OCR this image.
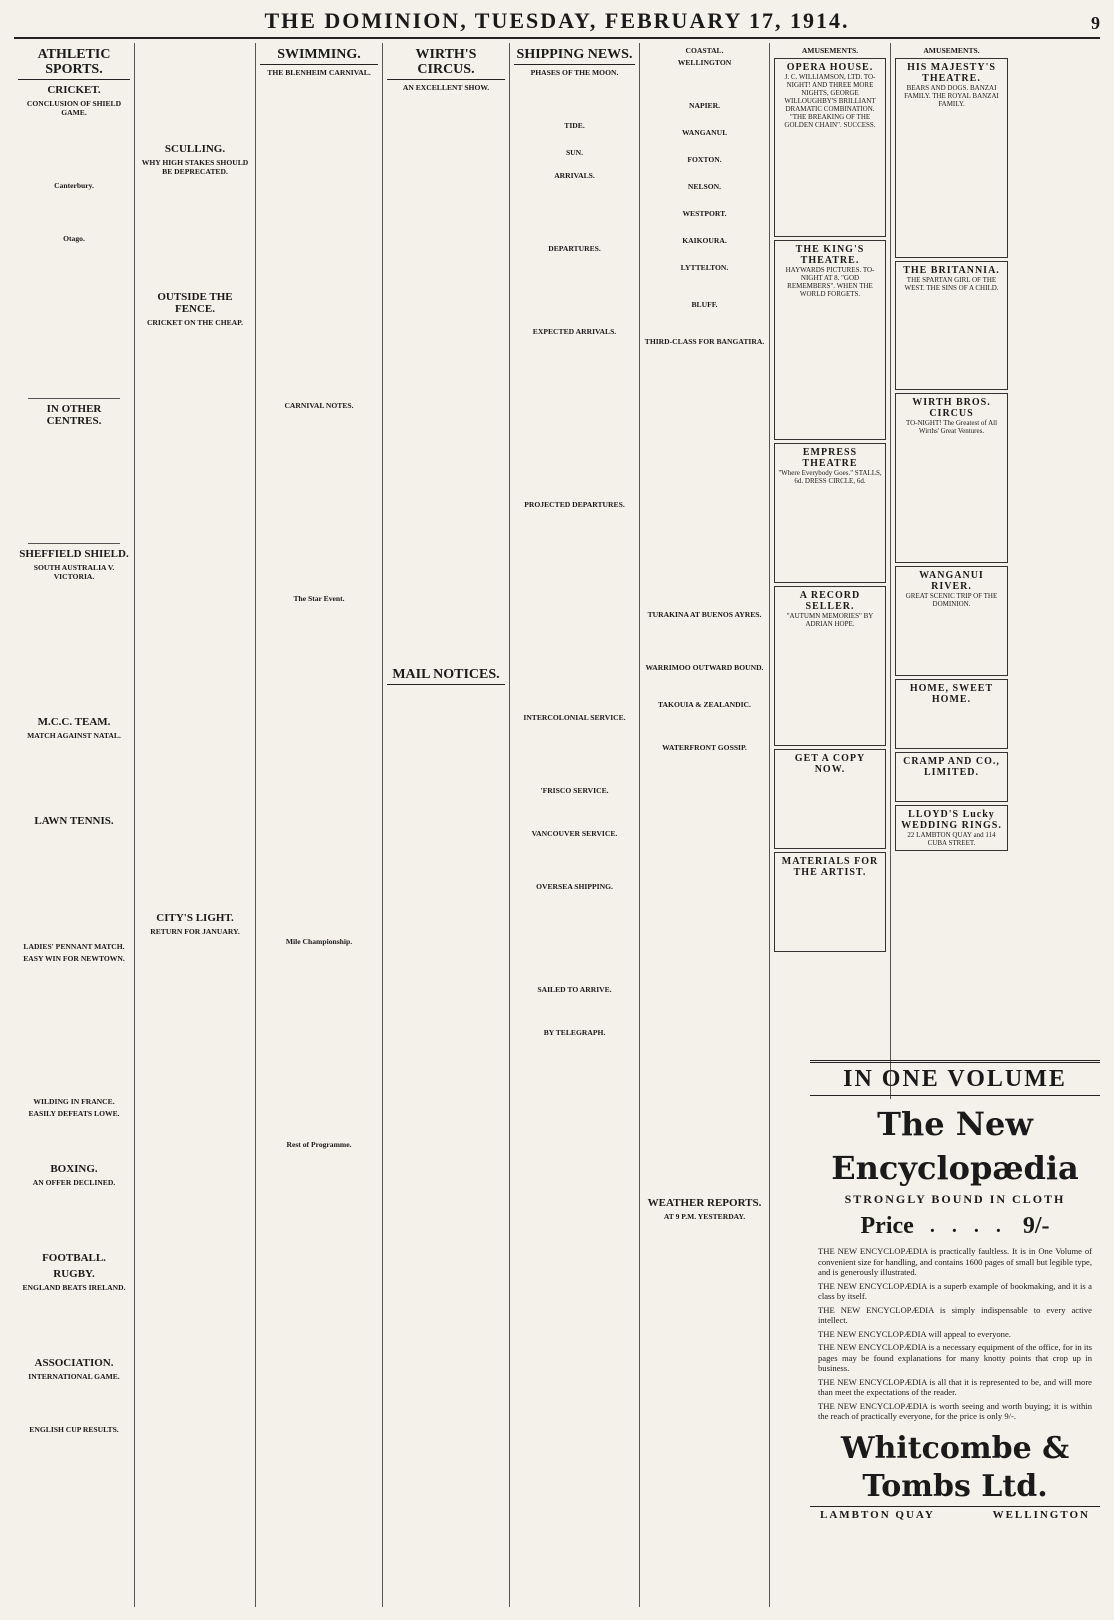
THE DOMINION, TUESDAY, FEBRUARY 17, 1914.	9
ATHLETIC SPORTS.
CRICKET.
CONCLUSION OF SHIELD GAME.
Canterbury.
Otago.
IN OTHER CENTRES.
SHEFFIELD SHIELD.
SOUTH AUSTRALIA V. VICTORIA.
M.C.C. TEAM.
MATCH AGAINST NATAL.
LAWN TENNIS.
LADIES' PENNANT MATCH.
EASY WIN FOR NEWTOWN.
WILDING IN FRANCE.
EASILY DEFEATS LOWE.
BOXING.
AN OFFER DECLINED.
FOOTBALL.
RUGBY.
ENGLAND BEATS IRELAND.
ASSOCIATION.
INTERNATIONAL GAME.
ENGLISH CUP RESULTS.
SCULLING.
WHY HIGH STAKES SHOULD BE DEPRECATED.
OUTSIDE THE FENCE.
CRICKET ON THE CHEAP.
CITY'S LIGHT.
RETURN FOR JANUARY.
SWIMMING.
THE BLENHEIM CARNIVAL.
CARNIVAL NOTES.
The Star Event.
Mile Championship.
Rest of Programme.
WIRTH'S CIRCUS.
AN EXCELLENT SHOW.
MAIL NOTICES.
SHIPPING NEWS.
PHASES OF THE MOON.
TIDE.
SUN.
ARRIVALS.
DEPARTURES.
EXPECTED ARRIVALS.
PROJECTED DEPARTURES.
INTERCOLONIAL SERVICE.
'FRISCO SERVICE.
VANCOUVER SERVICE.
OVERSEA SHIPPING.
SAILED TO ARRIVE.
BY TELEGRAPH.
COASTAL.
WELLINGTON
NAPIER.
WANGANUI.
FOXTON.
NELSON.
WESTPORT.
KAIKOURA.
LYTTELTON.
BLUFF.
THIRD-CLASS FOR BANGATIRA.
TURAKINA AT BUENOS AYRES.
WARRIMOO OUTWARD BOUND.
TAKOUIA & ZEALANDIC.
WATERFRONT GOSSIP.
WEATHER REPORTS.
AT 9 P.M. YESTERDAY.
AMUSEMENTS.
OPERA HOUSE.
J. C. WILLIAMSON, LTD. TO-NIGHT! AND THREE MORE NIGHTS, GEORGE WILLOUGHBY'S BRILLIANT DRAMATIC COMBINATION. "THE BREAKING OF THE GOLDEN CHAIN". SUCCESS.
THE KING'S THEATRE.
HAYWARDS PICTURES. TO-NIGHT AT 8. "GOD REMEMBERS". WHEN THE WORLD FORGETS.
EMPRESS THEATRE
"Where Everybody Goes." STALLS, 6d. DRESS CIRCLE, 6d.
A RECORD SELLER.
"AUTUMN MEMORIES" BY ADRIAN HOPE.
GET A COPY NOW.
MATERIALS FOR THE ARTIST.
AMUSEMENTS.
HIS MAJESTY'S THEATRE.
BEARS AND DOGS. BANZAI FAMILY. THE ROYAL BANZAI FAMILY.
THE BRITANNIA.
THE SPARTAN GIRL OF THE WEST. THE SINS OF A CHILD.
WIRTH BROS. CIRCUS
TO-NIGHT! The Greatest of All Wirths' Great Ventures.
WANGANUI RIVER.
GREAT SCENIC TRIP OF THE DOMINION.
HOME, SWEET HOME.
CRAMP AND CO., LIMITED.
LLOYD'S Lucky WEDDING RINGS.
22 LAMBTON QUAY and 114 CUBA STREET.
IN ONE VOLUME
The New Encyclopædia
STRONGLY BOUND IN CLOTH
Price . . . . 9/-

THE NEW ENCYCLOPÆDIA is practically faultless. It is in One Volume of convenient size for handling, and contains 1600 pages of small but legible type, and is generously illustrated.

THE NEW ENCYCLOPÆDIA is a superb example of bookmaking, and it is a class by itself.

THE NEW ENCYCLOPÆDIA is simply indispensable to every active intellect.

THE NEW ENCYCLOPÆDIA will appeal to everyone.

THE NEW ENCYCLOPÆDIA is a necessary equipment of the office, for in its pages may be found explanations for many knotty points that crop up in business.

THE NEW ENCYCLOPÆDIA is all that it is represented to be, and will more than meet the expectations of the reader.

THE NEW ENCYCLOPÆDIA is worth seeing and worth buying; it is within the reach of practically everyone, for the price is only 9/-.

Whitcombe & Tombs Ltd.
LAMBTON QUAY	WELLINGTON
